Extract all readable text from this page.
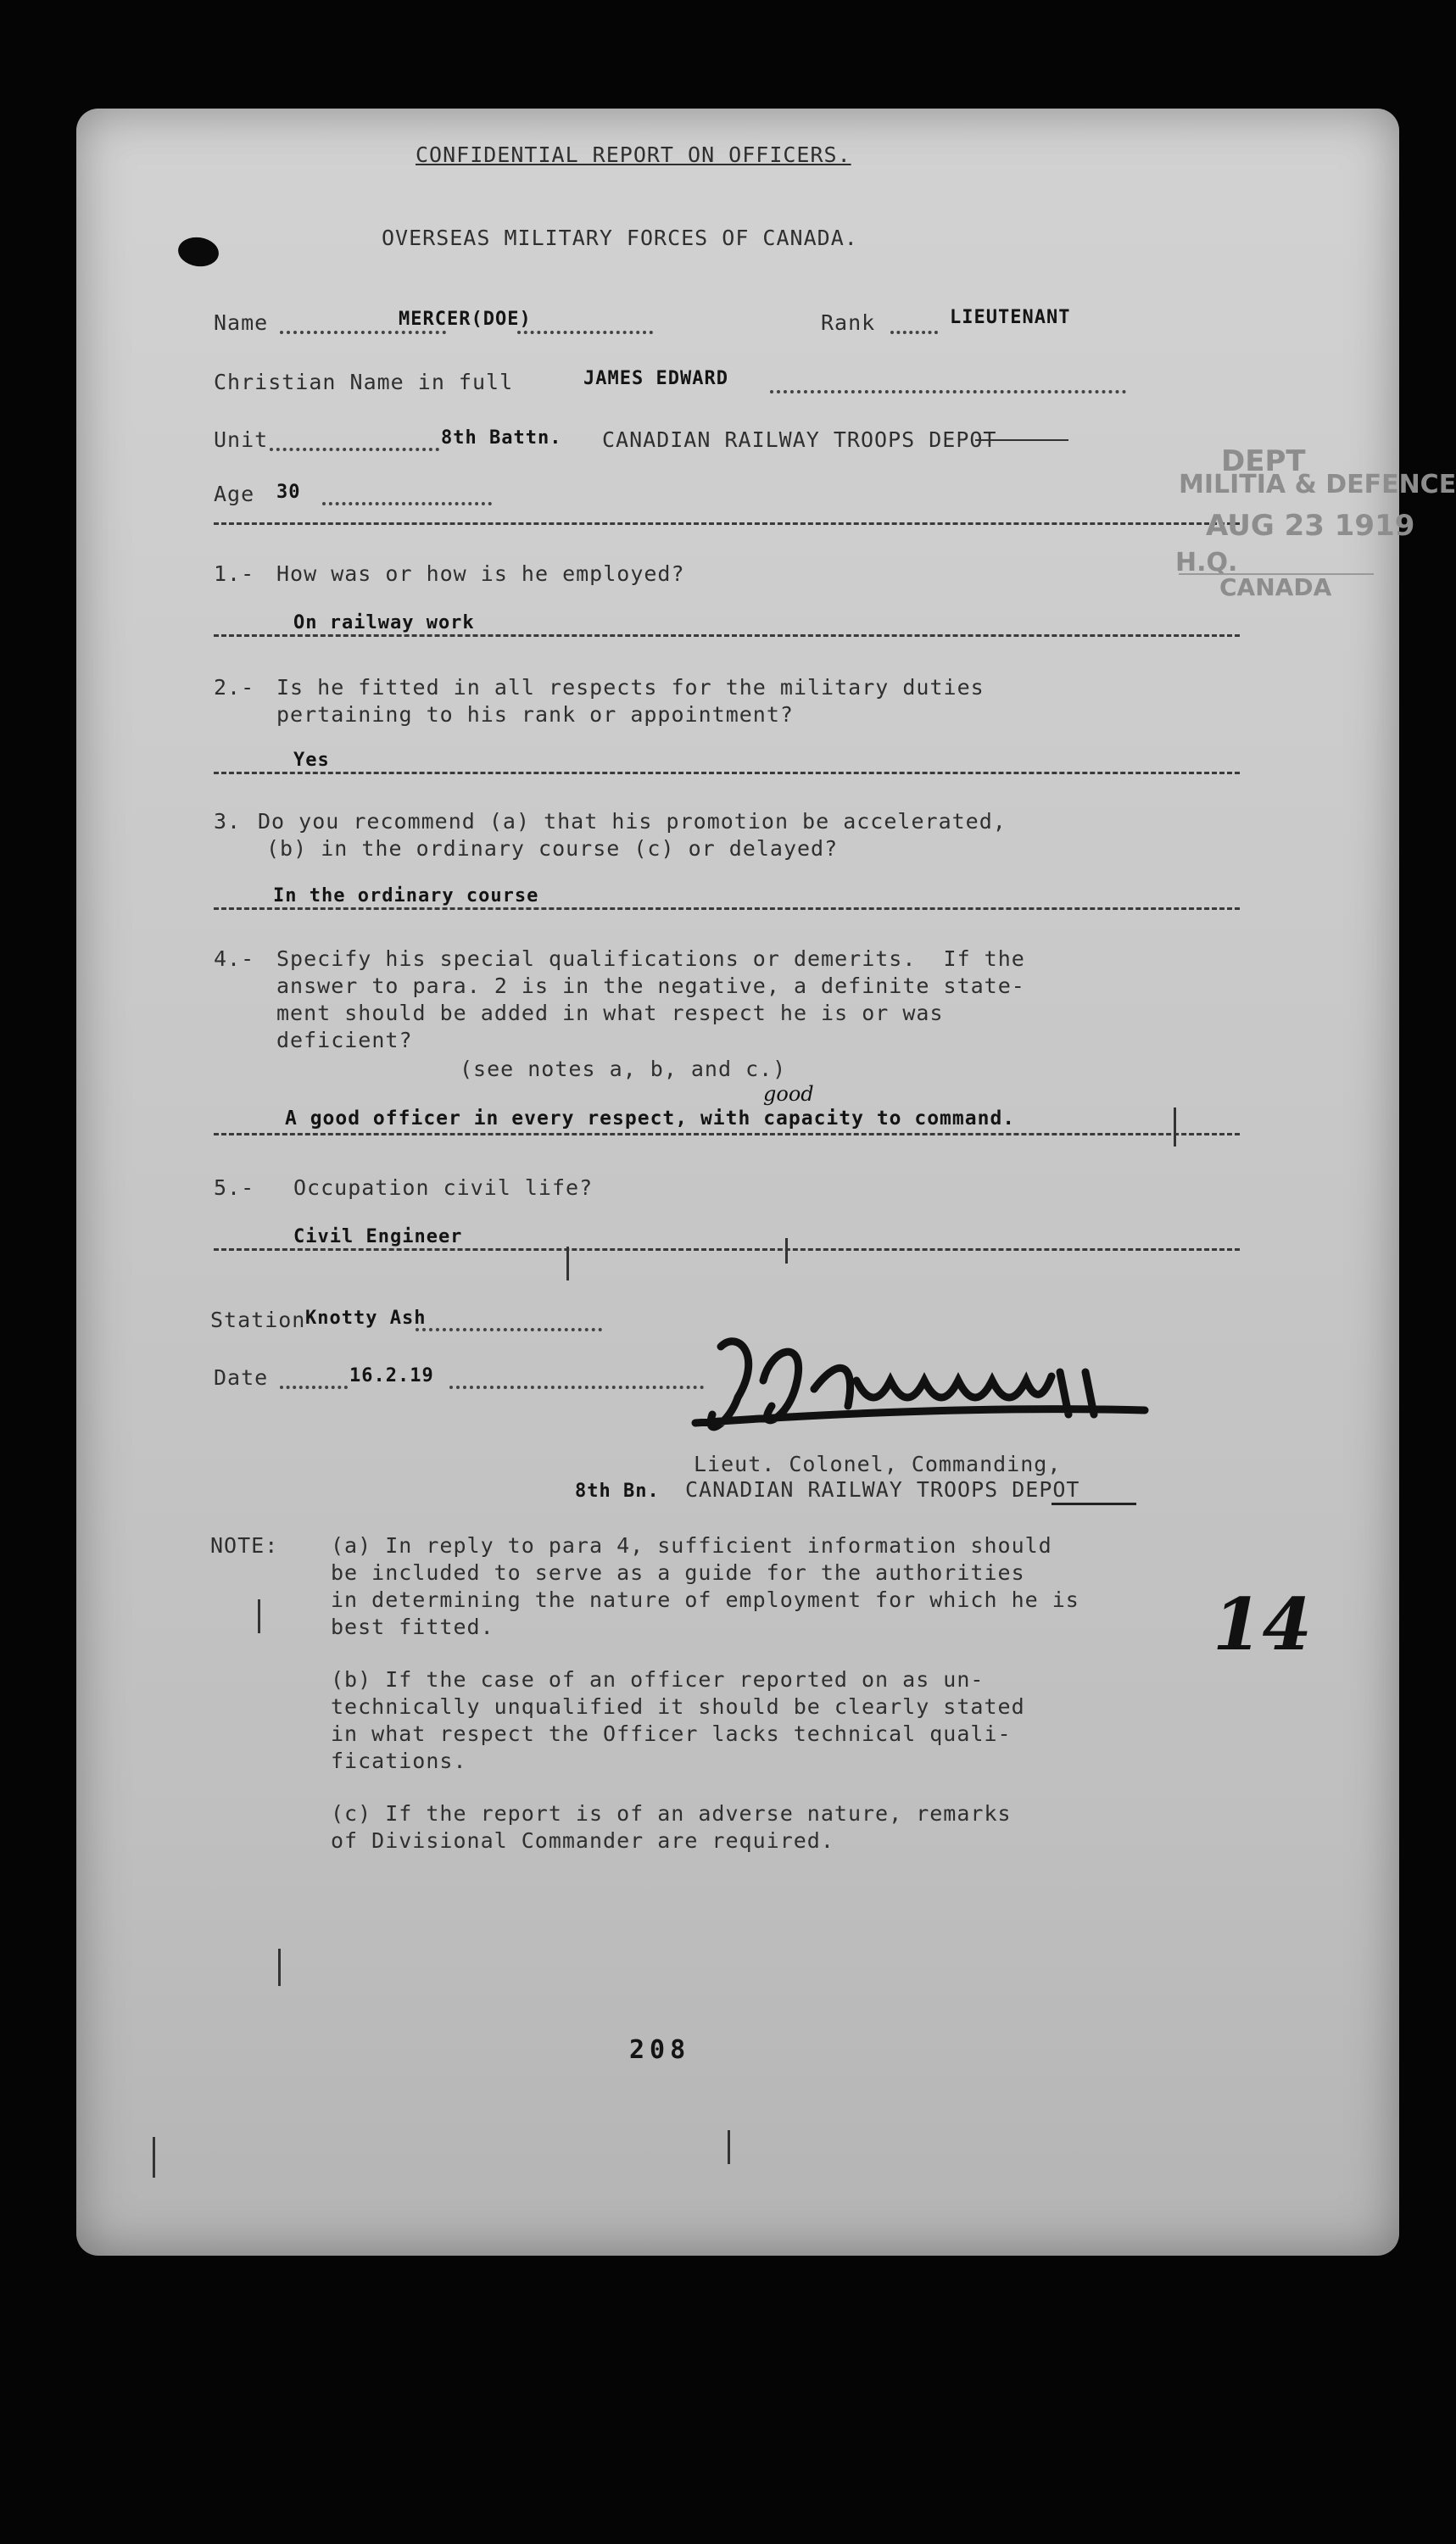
CONFIDENTIAL REPORT ON OFFICERS.
OVERSEAS MILITARY FORCES OF CANADA.
Name	MERCER(DOE)	Rank	LIEUTENANT
Christian Name in full	JAMES EDWARD
Unit	8th Battn. CANADIAN RAILWAY TROOPS DEPOT
Age 30
DEPT
MILITIA & DEFENCE
AUG 23 1919
H.Q.
CANADA
1.- How was or how is he employed?
On railway work
2.- Is he fitted in all respects for the military duties
pertaining to his rank or appointment?
Yes
3. Do you recommend (a) that his promotion be accelerated,
(b) in the ordinary course (c) or delayed?
In the ordinary course
4.- Specify his special qualifications or demerits.  If the
answer to para. 2 is in the negative, a definite state-
ment should be added in what respect he is or was
deficient?
(see notes a, b, and c.)
good
A good officer in every respect, with capacity to command.
5.- Occupation civil life?
Civil Engineer
Station Knotty Ash
Date	16.2.19
Lieut. Colonel, Commanding,
8th Bn. CANADIAN RAILWAY TROOPS DEPOT
NOTE: (a) In reply to para 4, sufficient information should
be included to serve as a guide for the authorities
in determining the nature of employment for which he is
best fitted.
(b) If the case of an officer reported on as un-
technically unqualified it should be clearly stated
in what respect the Officer lacks technical quali-
fications.
(c) If the report is of an adverse nature, remarks
of Divisional Commander are required.
14
208
